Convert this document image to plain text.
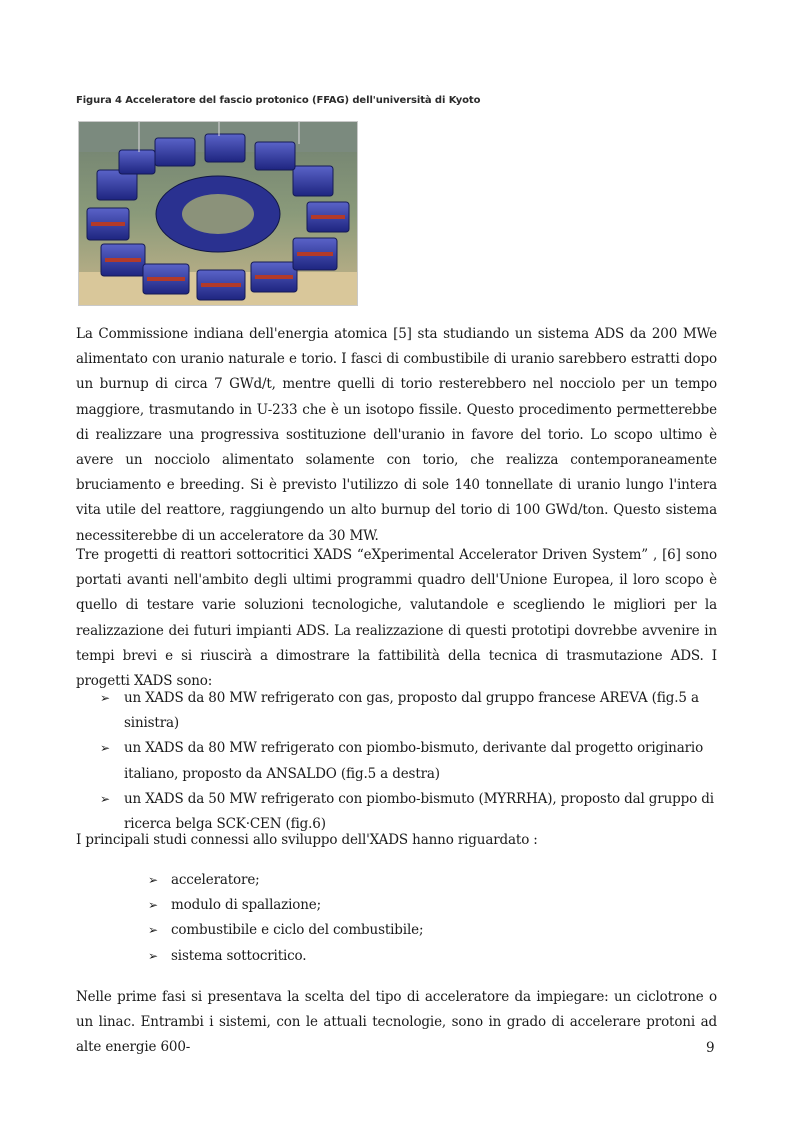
Figura 4 Acceleratore del fascio protonico (FFAG) dell'università di Kyoto
La Commissione indiana dell'energia atomica [5] sta studiando un sistema ADS da 200 MWe alimentato con uranio naturale e torio. I fasci di combustibile di uranio sarebbero estratti dopo un burnup di circa 7 GWd/t, mentre quelli di torio resterebbero nel nocciolo per un tempo maggiore, trasmutando in U-233 che è un isotopo fissile. Questo procedimento permetterebbe di realizzare una progressiva sostituzione dell'uranio in favore del torio. Lo scopo ultimo è avere un nocciolo alimentato solamente con torio, che realizza contemporaneamente bruciamento e breeding. Si è previsto l'utilizzo di sole 140 tonnellate di uranio lungo l'intera vita utile del reattore, raggiungendo un alto burnup del torio di 100 GWd/ton. Questo sistema necessiterebbe di un acceleratore da 30 MW.
Tre progetti di reattori sottocritici XADS “eXperimental Accelerator Driven System” , [6] sono portati avanti nell'ambito degli ultimi programmi quadro dell'Unione Europea, il loro scopo è quello di testare varie soluzioni tecnologiche, valutandole e scegliendo le migliori per la realizzazione dei futuri impianti ADS. La realizzazione di questi prototipi dovrebbe avvenire in tempi brevi e si riuscirà a dimostrare la fattibilità della tecnica di trasmutazione ADS. I progetti XADS sono:
➢ un XADS da 80 MW refrigerato con gas, proposto dal gruppo francese AREVA (fig.5 a sinistra)
➢ un XADS da 80 MW refrigerato con piombo-bismuto, derivante dal progetto originario italiano, proposto da ANSALDO (fig.5 a destra)
➢ un XADS da 50 MW refrigerato con piombo-bismuto (MYRRHA), proposto dal gruppo di ricerca belga SCK·CEN (fig.6)
I principali studi connessi allo sviluppo dell'XADS hanno riguardato :
➢ acceleratore;
➢ modulo di spallazione;
➢ combustibile e ciclo del combustibile;
➢ sistema sottocritico.
Nelle prime fasi si presentava la scelta del tipo di acceleratore da impiegare: un ciclotrone o un linac. Entrambi i sistemi, con le attuali tecnologie, sono in grado di accelerare protoni ad alte energie 600-	9
